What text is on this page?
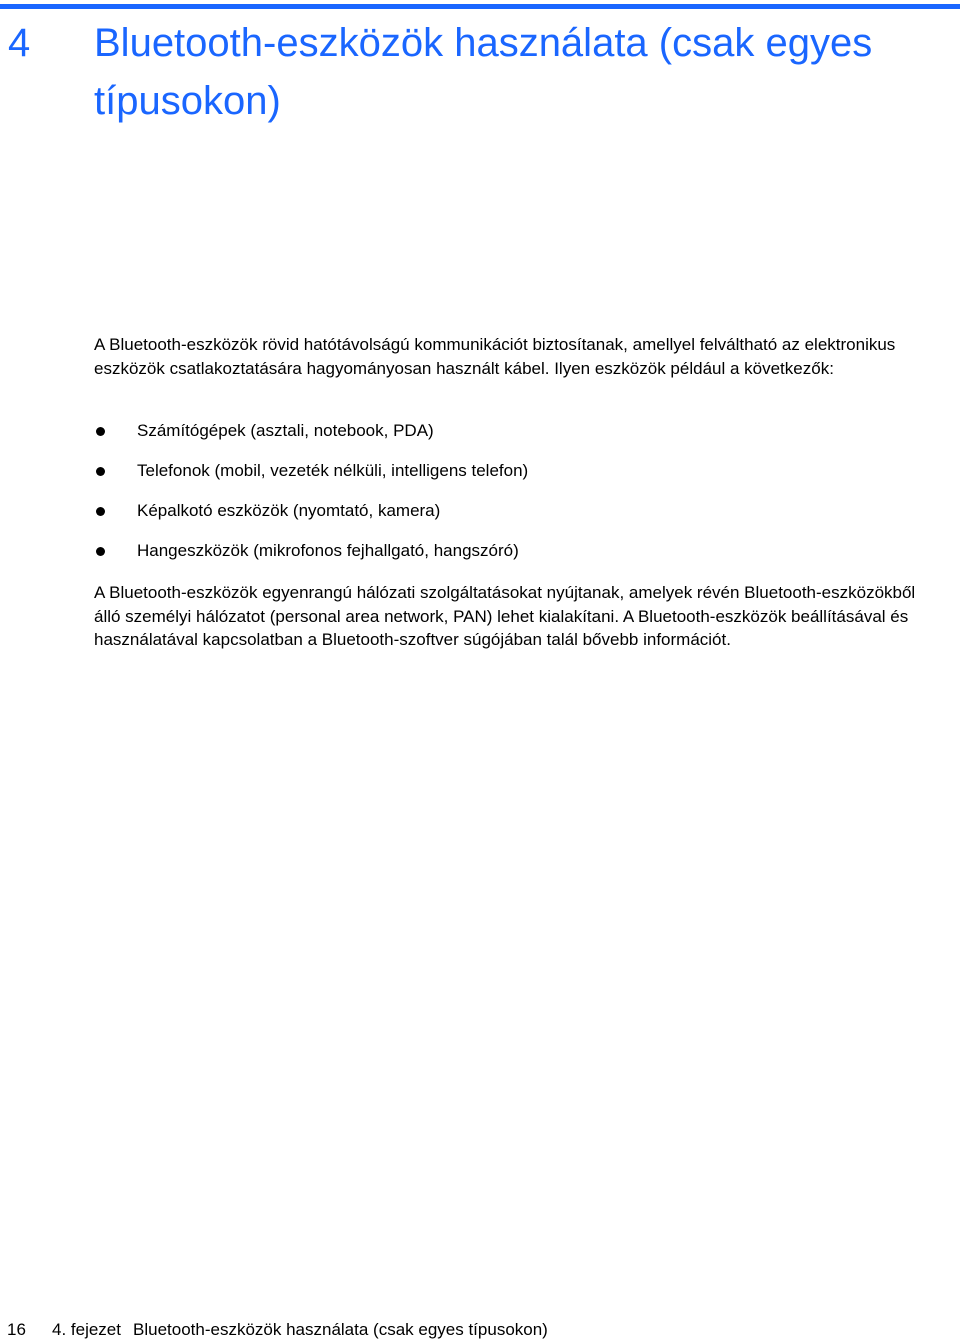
4 Bluetooth-eszközök használata (csak egyes típusokon)

A Bluetooth-eszközök rövid hatótávolságú kommunikációt biztosítanak, amellyel felváltható az elektronikus eszközök csatlakoztatására hagyományosan használt kábel. Ilyen eszközök például a következők:

Számítógépek (asztali, notebook, PDA)
Telefonok (mobil, vezeték nélküli, intelligens telefon)
Képalkotó eszközök (nyomtató, kamera)
Hangeszközök (mikrofonos fejhallgató, hangszóró)

A Bluetooth-eszközök egyenrangú hálózati szolgáltatásokat nyújtanak, amelyek révén Bluetooth-eszközökből álló személyi hálózatot (personal area network, PAN) lehet kialakítani. A Bluetooth-eszközök beállításával és használatával kapcsolatban a Bluetooth-szoftver súgójában talál bővebb információt.

16 4. fejezet Bluetooth-eszközök használata (csak egyes típusokon)
